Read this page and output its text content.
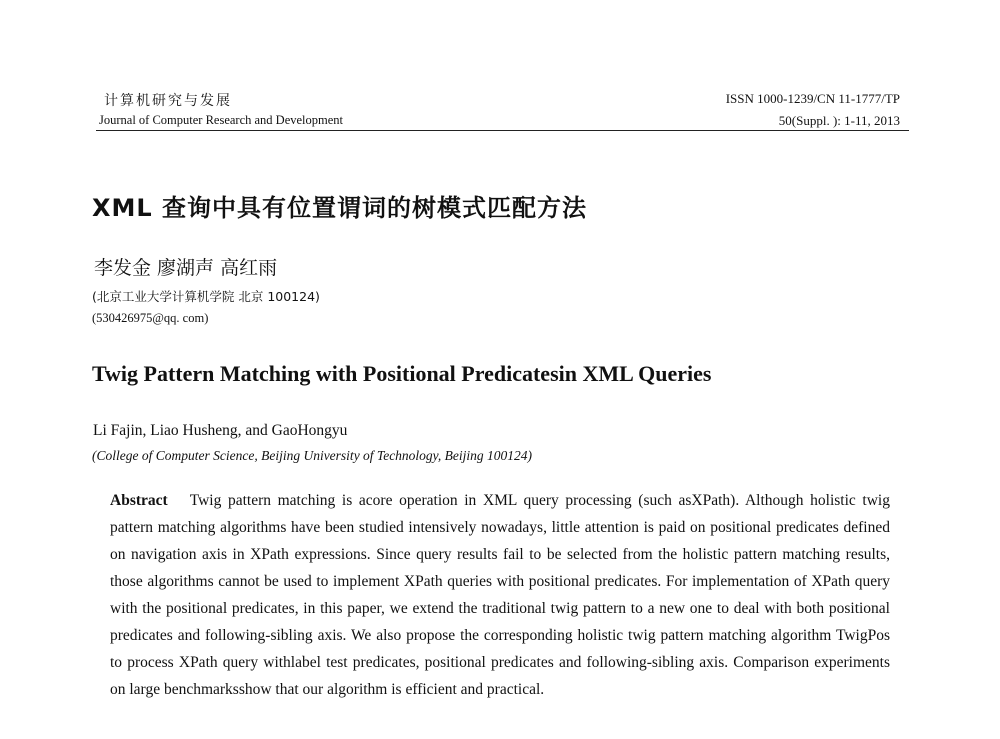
计算机研究与发展
Journal of Computer Research and Development
ISSN 1000-1239/CN 11-1777/TP
50(Suppl. ): 1-11, 2013
XML 查询中具有位置谓词的树模式匹配方法
李发金 廖湖声 高红雨
(北京工业大学计算机学院 北京 100124)
(530426975@qq. com)
Twig Pattern Matching with Positional Predicatesin XML Queries
Li Fajin, Liao Husheng, and GaoHongyu
(College of Computer Science, Beijing University of Technology, Beijing 100124)
Abstract Twig pattern matching is acore operation in XML query processing (such asXPath). Although holistic twig pattern matching algorithms have been studied intensively nowadays, little attention is paid on positional predicates defined on navigation axis in XPath expressions. Since query results fail to be selected from the holistic pattern matching results, those algorithms cannot be used to implement XPath queries with positional predicates. For implementation of XPath query with the positional predicates, in this paper, we extend the traditional twig pattern to a new one to deal with both positional predicates and following-sibling axis. We also propose the corresponding holistic twig pattern matching algorithm TwigPos to process XPath query withlabel test predicates, positional predicates and following-sibling axis. Comparison experiments on large benchmarksshow that our algorithm is efficient and practical.
